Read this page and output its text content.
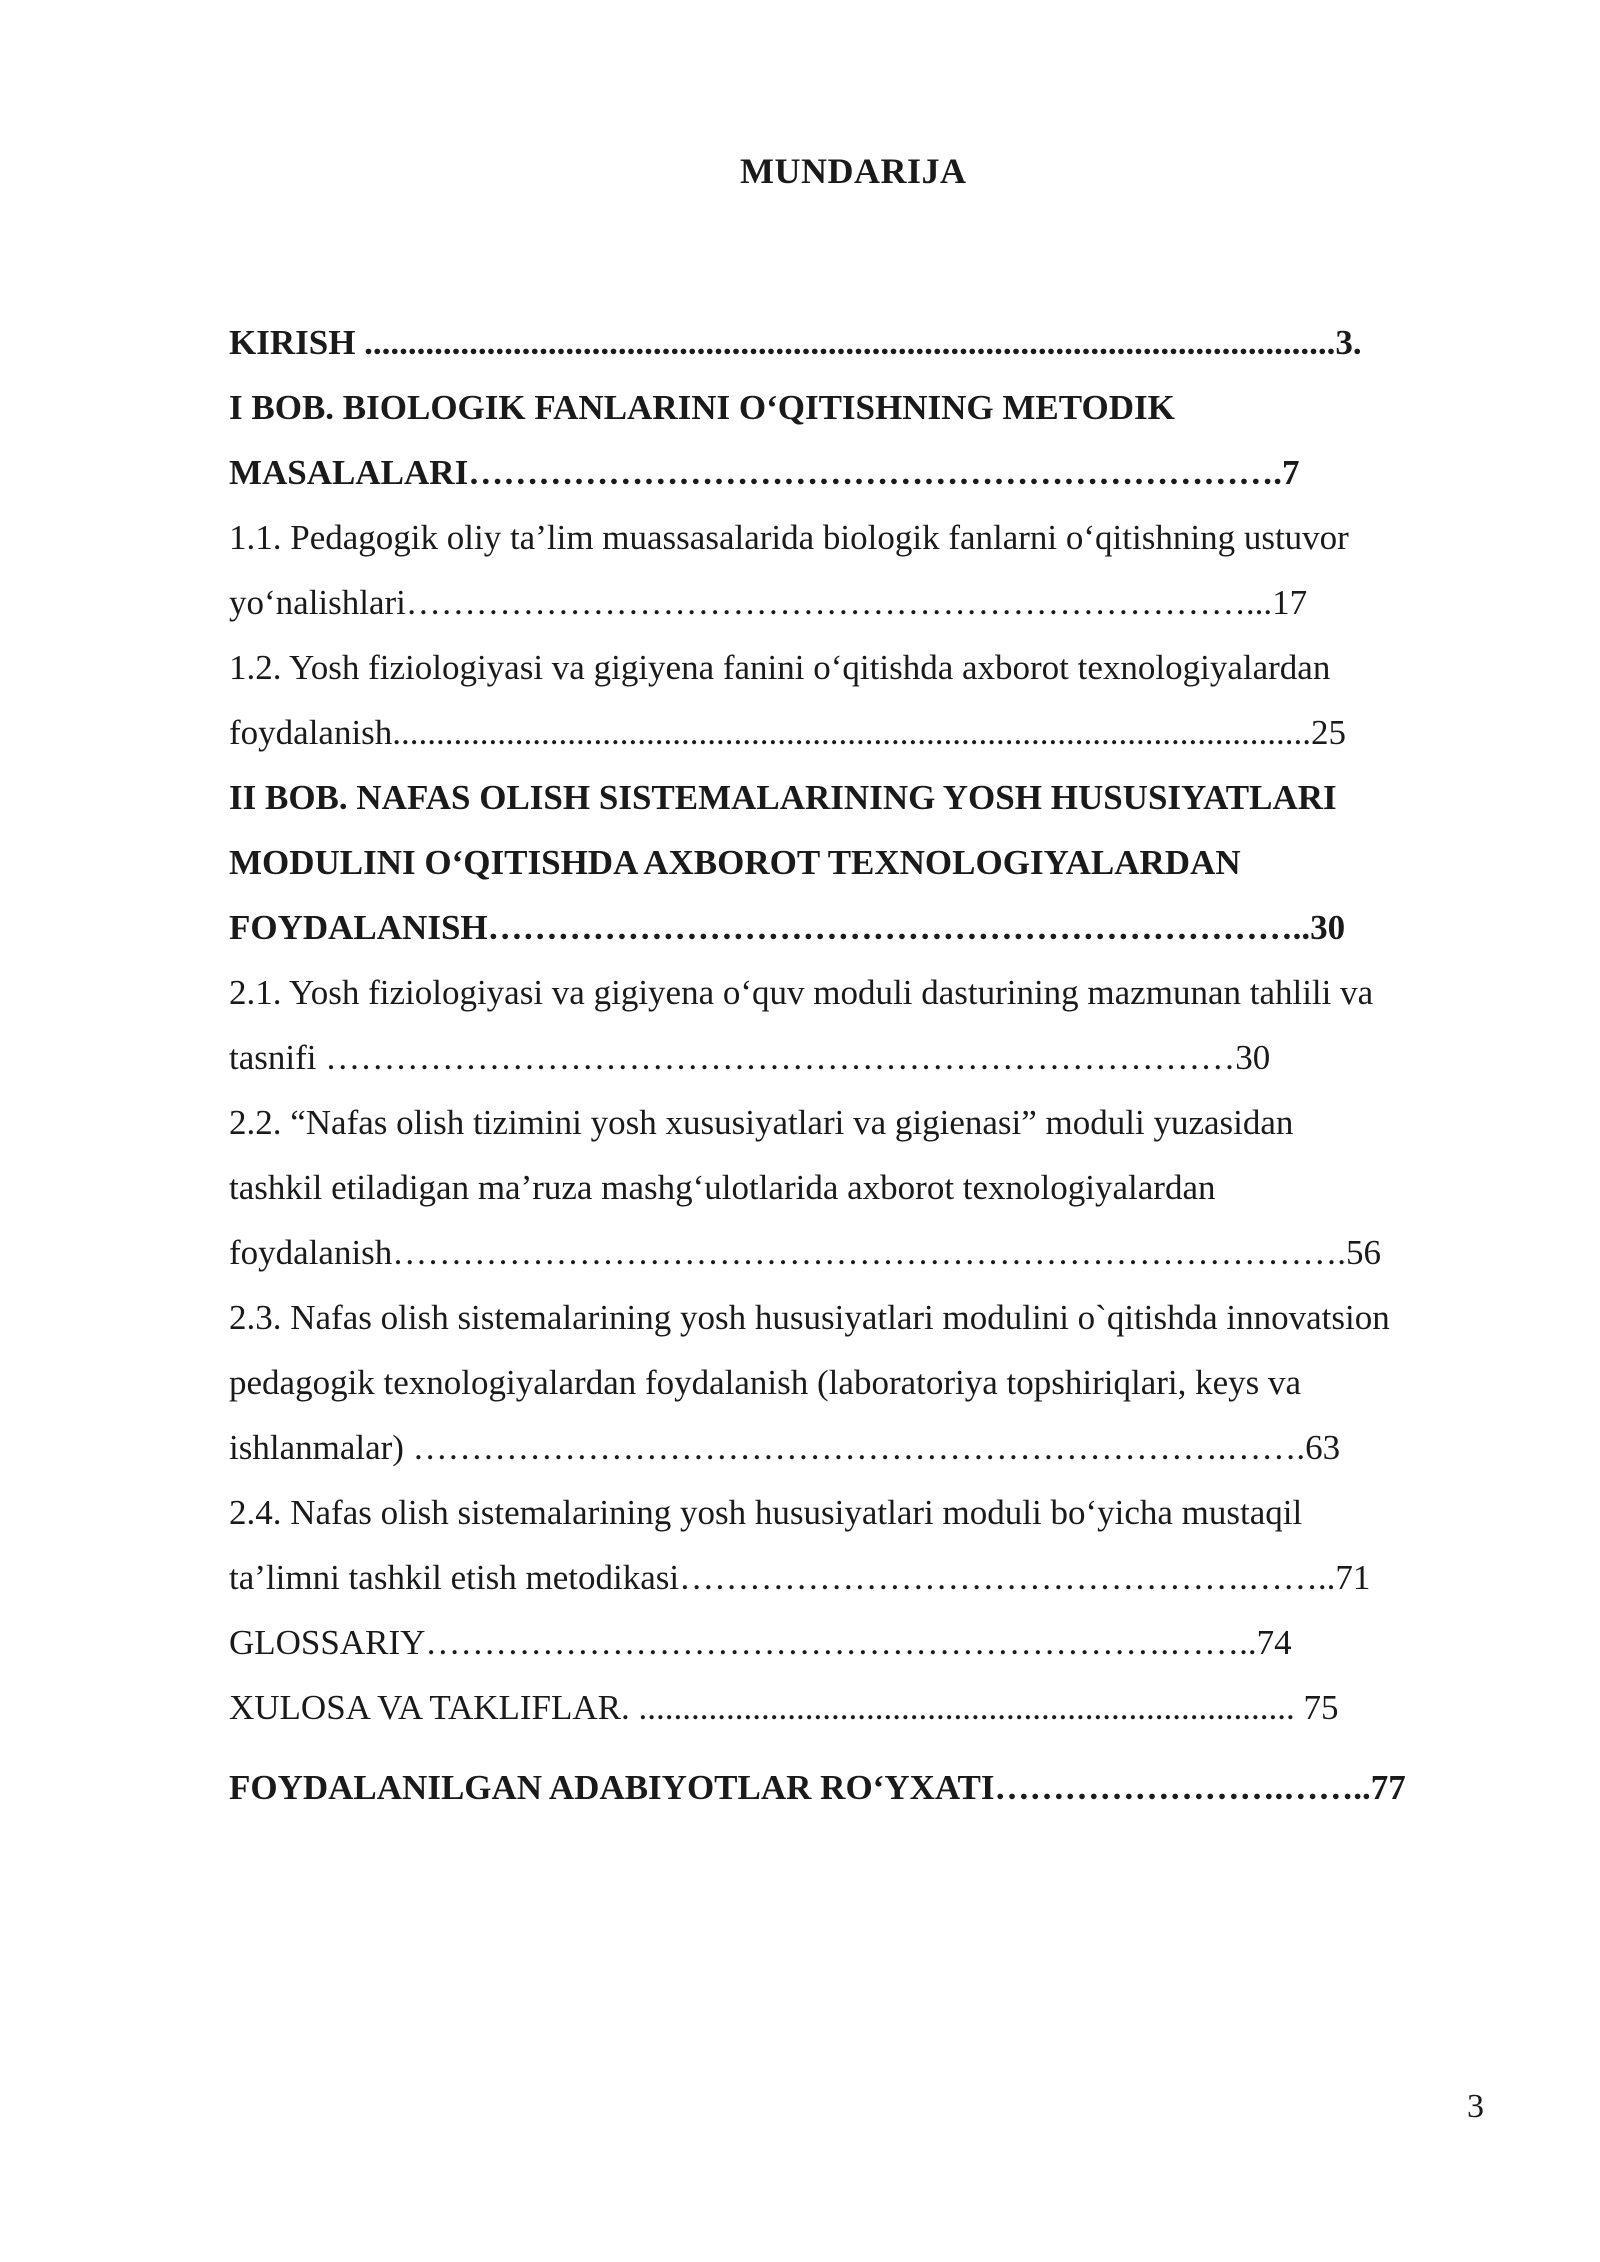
MUNDARIJA
KIRISH ...............................................................................................................3.
I BOB. BIOLOGIK FANLARINI O‘QITISHNING METODIK
MASALALARI…………………………………………………………….7
1.1. Pedagogik oliy ta’lim muassasalarida biologik fanlarni o‘qitishning ustuvor
yo‘nalishlari………………………………………………………………...17
1.2. Yosh fiziologiyasi va gigiyena fanini o‘qitishda axborot texnologiyalardan
foydalanish.........................................................................................................25
II BOB. NAFAS OLISH SISTEMALARINING YOSH HUSUSIYATLARI
MODULINI O‘QITISHDA AXBOROT TEXNOLOGIYALARDAN
FOYDALANISH……………………………………………………………..30
2.1. Yosh fiziologiyasi va gigiyena o‘quv moduli dasturining mazmunan tahlili va
tasnifi ……………………………………………………………………30
2.2. “Nafas olish tizimini yosh xususiyatlari va gigienasi” moduli yuzasidan
tashkil etiladigan ma’ruza mashg‘ulotlarida axborot texnologiyalardan
foydalanish……………………………………………………………………….56
2.3. Nafas olish sistemalarining yosh hususiyatlari modulini o`qitishda innovatsion
pedagogik texnologiyalardan foydalanish (laboratoriya topshiriqlari, keys va
ishlanmalar) …………………………………………………………….…….63
2.4. Nafas olish sistemalarining yosh hususiyatlari moduli bo‘yicha mustaqil
ta’limni tashkil etish metodikasi………………………………………….……..71
GLOSSARIY……………………………………………………….……..74
XULOSA VA TAKLIFLAR. ........................................................................... 75
FOYDALANILGAN ADABIYOTLAR RO‘YXATI…………………….……..77
3
